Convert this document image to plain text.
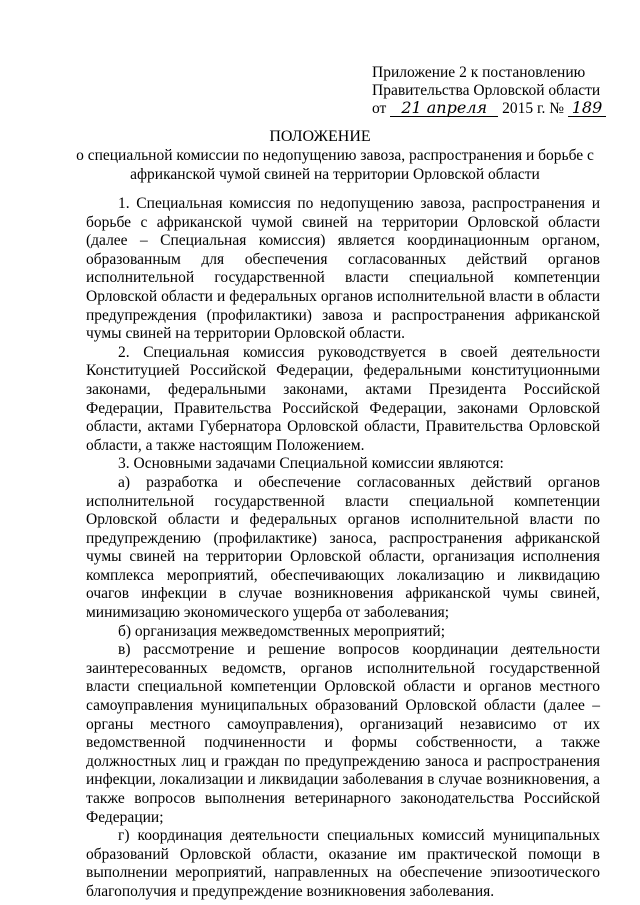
Приложение 2 к постановлению
Правительства Орловской области
от 21 апреля 2015 г. № 189
ПОЛОЖЕНИЕ
о специальной комиссии по недопущению завоза, распространения и борьбе с африканской чумой свиней на территории Орловской области

1. Специальная комиссия по недопущению завоза, распространения и борьбе с африканской чумой свиней на территории Орловской области (далее – Специальная комиссия) является координационным органом, образованным для обеспечения согласованных действий органов исполнительной государственной власти специальной компетенции Орловской области и федеральных органов исполнительной власти в области предупреждения (профилактики) завоза и распространения африканской чумы свиней на территории Орловской области.

2. Специальная комиссия руководствуется в своей деятельности Конституцией Российской Федерации, федеральными конституционными законами, федеральными законами, актами Президента Российской Федерации, Правительства Российской Федерации, законами Орловской области, актами Губернатора Орловской области, Правительства Орловской области, а также настоящим Положением.

3. Основными задачами Специальной комиссии являются:

а) разработка и обеспечение согласованных действий органов исполнительной государственной власти специальной компетенции Орловской области и федеральных органов исполнительной власти по предупреждению (профилактике) заноса, распространения африканской чумы свиней на территории Орловской области, организация исполнения комплекса мероприятий, обеспечивающих локализацию и ликвидацию очагов инфекции в случае возникновения африканской чумы свиней, минимизацию экономического ущерба от заболевания;

б) организация межведомственных мероприятий;

в) рассмотрение и решение вопросов координации деятельности заинтересованных ведомств, органов исполнительной государственной власти специальной компетенции Орловской области и органов местного самоуправления муниципальных образований Орловской области (далее – органы местного самоуправления), организаций независимо от их ведомственной подчиненности и формы собственности, а также должностных лиц и граждан по предупреждению заноса и распространения инфекции, локализации и ликвидации заболевания в случае возникновения, а также вопросов выполнения ветеринарного законодательства Российской Федерации;

г) координация деятельности специальных комиссий муниципальных образований Орловской области, оказание им практической помощи в выполнении мероприятий, направленных на обеспечение эпизоотического благополучия и предупреждение возникновения заболевания.
